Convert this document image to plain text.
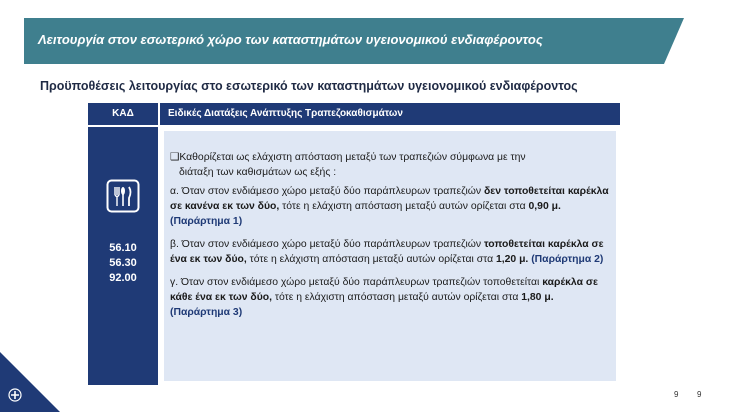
Λειτουργία στον εσωτερικό χώρο των καταστημάτων υγειονομικού ενδιαφέροντος
Προϋποθέσεις λειτουργίας στο εσωτερικό των καταστημάτων υγειονομικού ενδιαφέροντος
ΚΑΔ	Ειδικές Διατάξεις Ανάπτυξης Τραπεζοκαθισμάτων
56.10
56.30
92.00

❑Καθορίζεται ως ελάχιστη απόσταση μεταξύ των τραπεζιών σύμφωνα με την
διάταξη των καθισμάτων ως εξής :

α. Όταν στον ενδιάμεσο χώρο μεταξύ δύο παράπλευρων τραπεζιών δεν τοποθετείται καρέκλα σε κανένα εκ των δύο, τότε η ελάχιστη απόσταση μεταξύ αυτών ορίζεται στα 0,90 μ. (Παράρτημα 1)

β. Όταν στον ενδιάμεσο χώρο μεταξύ δύο παράπλευρων τραπεζιών τοποθετείται καρέκλα σε ένα εκ των δύο, τότε η ελάχιστη απόσταση μεταξύ αυτών ορίζεται στα 1,20 μ. (Παράρτημα 2)

γ. Όταν στον ενδιάμεσο χώρο μεταξύ δύο παράπλευρων τραπεζιών τοποθετείται καρέκλα σε κάθε ένα εκ των δύο, τότε η ελάχιστη απόσταση μεταξύ αυτών ορίζεται στα 1,80 μ. (Παράρτημα 3)

9 9
